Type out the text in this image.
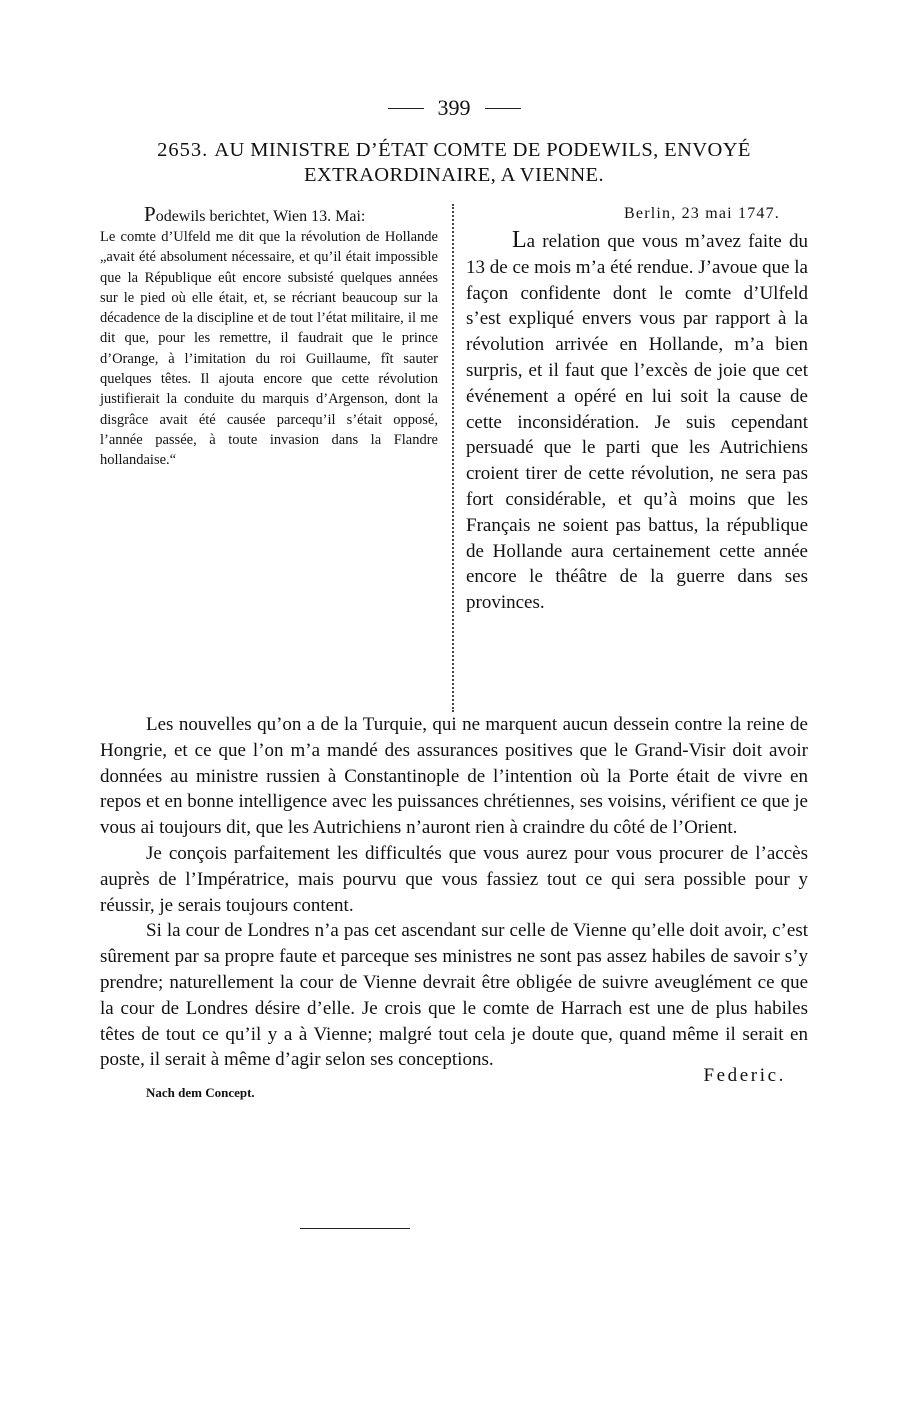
399
2653. AU MINISTRE D’ÉTAT COMTE DE PODEWILS, ENVOYÉ
EXTRAORDINAIRE, A VIENNE.

Podewils berichtet, Wien 13. Mai:

Le comte d’Ulfeld me dit que la révolution de Hollande „avait été absolument nécessaire, et qu’il était impossible que la République eût encore subsisté quelques années sur le pied où elle était, et, se récriant beaucoup sur la décadence de la discipline et de tout l’état militaire, il me dit que, pour les remettre, il faudrait que le prince d’Orange, à l’imitation du roi Guillaume, fît sauter quelques têtes. Il ajouta encore que cette révolution justifierait la conduite du marquis d’Argenson, dont la disgrâce avait été causée parcequ’il s’était opposé, l’année passée, à toute invasion dans la Flandre hollandaise.“

Berlin, 23 mai 1747.

La relation que vous m’avez faite du 13 de ce mois m’a été rendue. J’avoue que la façon confidente dont le comte d’Ulfeld s’est expliqué envers vous par rapport à la révolution arrivée en Hollande, m’a bien surpris, et il faut que l’excès de joie que cet événement a opéré en lui soit la cause de cette inconsidération. Je suis cependant persuadé que le parti que les Autrichiens croient tirer de cette révolution, ne sera pas fort considérable, et qu’à moins que les Français ne soient pas battus, la république de Hollande aura certainement cette année encore le théâtre de la guerre dans ses provinces.

Les nouvelles qu’on a de la Turquie, qui ne marquent aucun dessein contre la reine de Hongrie, et ce que l’on m’a mandé des assurances positives que le Grand-Visir doit avoir données au ministre russien à Constantinople de l’intention où la Porte était de vivre en repos et en bonne intelligence avec les puissances chrétiennes, ses voisins, vérifient ce que je vous ai toujours dit, que les Autrichiens n’auront rien à craindre du côté de l’Orient.

Je conçois parfaitement les difficultés que vous aurez pour vous procurer de l’accès auprès de l’Impératrice, mais pourvu que vous fassiez tout ce qui sera possible pour y réussir, je serais toujours content.

Si la cour de Londres n’a pas cet ascendant sur celle de Vienne qu’elle doit avoir, c’est sûrement par sa propre faute et parceque ses ministres ne sont pas assez habiles de savoir s’y prendre; naturellement la cour de Vienne devrait être obligée de suivre aveuglément ce que la cour de Londres désire d’elle. Je crois que le comte de Harrach est une de plus habiles têtes de tout ce qu’il y a à Vienne; malgré tout cela je doute que, quand même il serait en poste, il serait à même d’agir selon ses conceptions.

Federic.
Nach dem Concept.
